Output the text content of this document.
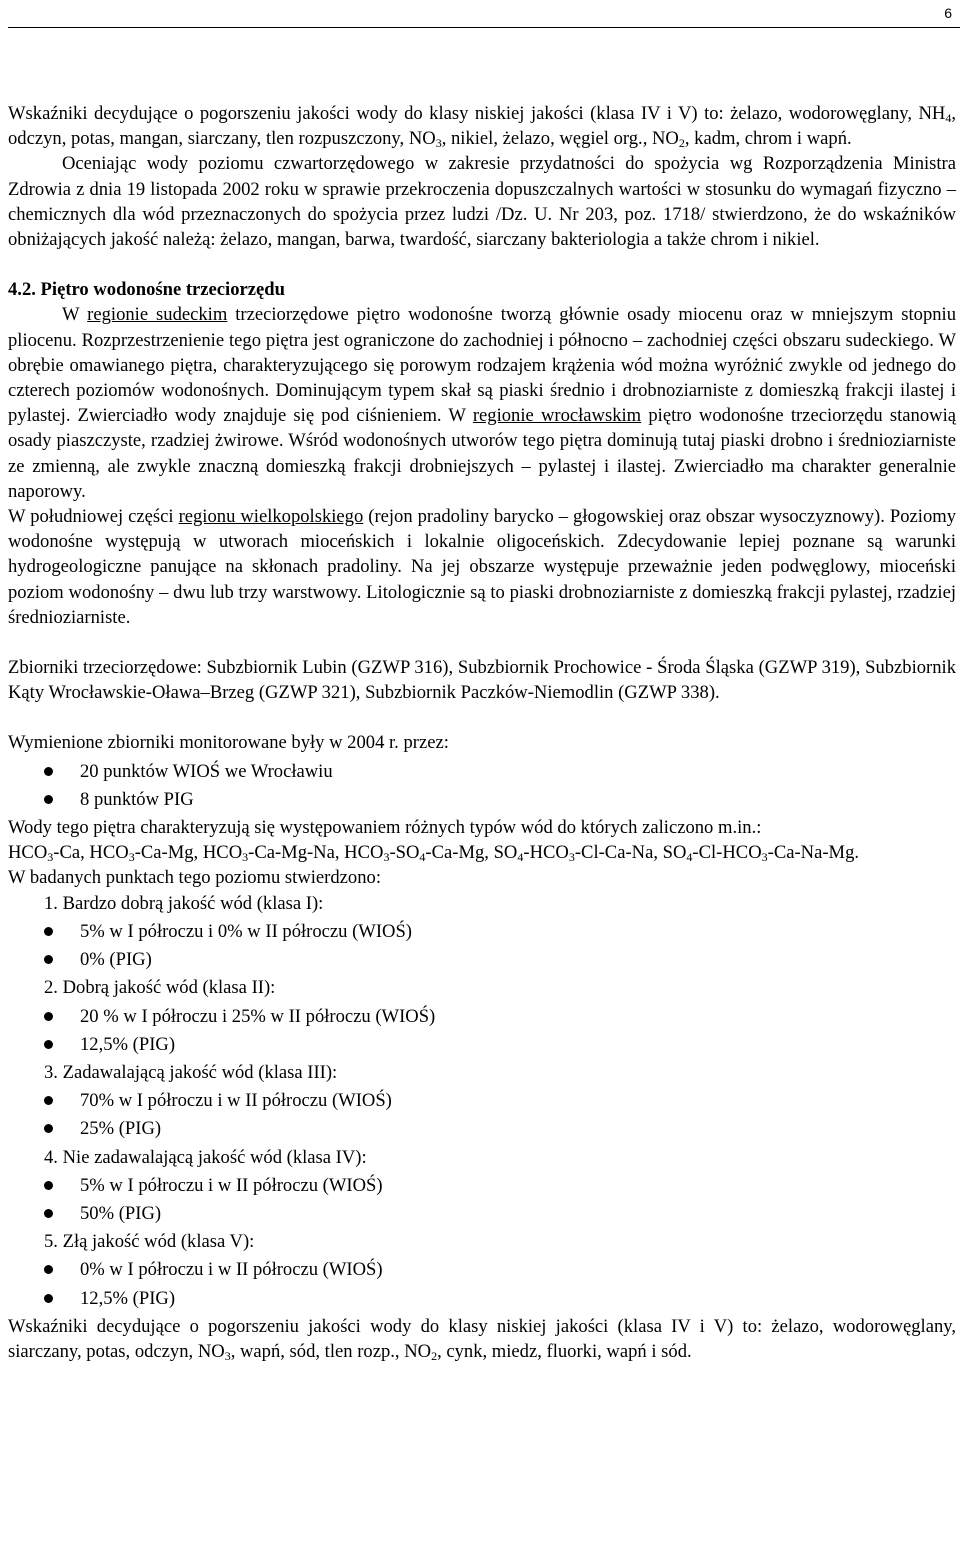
6

Wskaźniki decydujące o pogorszeniu jakości wody do klasy niskiej jakości (klasa IV i V) to: żelazo, wodorowęglany, $NH_4$, odczyn, potas, mangan, siarczany, tlen rozpuszczony, $NO_3$, nikiel, żelazo, węgiel org., $NO_2$, kadm, chrom i wapń.

Oceniając wody poziomu czwartorzędowego w zakresie przydatności do spożycia wg Rozporządzenia Ministra Zdrowia z dnia 19 listopada 2002 roku w sprawie przekroczenia dopuszczalnych wartości w stosunku do wymagań fizyczno – chemicznych dla wód przeznaczonych do spożycia przez ludzi /Dz. U. Nr 203, poz. 1718/ stwierdzono, że do wskaźników obniżających jakość należą: żelazo, mangan, barwa, twardość, siarczany bakteriologia a także chrom i nikiel.

4.2. Piętro wodonośne trzeciorzędu

W regionie sudeckim trzeciorzędowe piętro wodonośne tworzą głównie osady miocenu oraz w mniejszym stopniu pliocenu. Rozprzestrzenienie tego piętra jest ograniczone do zachodniej i północno – zachodniej części obszaru sudeckiego. W obrębie omawianego piętra, charakteryzującego się porowym rodzajem krążenia wód można wyróżnić zwykle od jednego do czterech poziomów wodonośnych. Dominującym typem skał są piaski średnio i drobnoziarniste z domieszką frakcji ilastej i pylastej. Zwierciadło wody znajduje się pod ciśnieniem. W regionie wrocławskim piętro wodonośne trzeciorzędu stanowią osady piaszczyste, rzadziej żwirowe. Wśród wodonośnych utworów tego piętra dominują tutaj piaski drobno i średnioziarniste ze zmienną, ale zwykle znaczną domieszką frakcji drobniejszych – pylastej i ilastej. Zwierciadło ma charakter generalnie naporowy.

W południowej części regionu wielkopolskiego (rejon pradoliny barycko – głogowskiej oraz obszar wysoczyznowy). Poziomy wodonośne występują w utworach mioceńskich i lokalnie oligoceńskich. Zdecydowanie lepiej poznane są warunki hydrogeologiczne panujące na skłonach pradoliny. Na jej obszarze występuje przeważnie jeden podwęglowy, mioceński poziom wodonośny – dwu lub trzy warstwowy. Litologicznie są to piaski drobnoziarniste z domieszką frakcji pylastej, rzadziej średnioziarniste.

Zbiorniki trzeciorzędowe: Subzbiornik Lubin (GZWP 316), Subzbiornik Prochowice - Środa Śląska (GZWP 319), Subzbiornik Kąty Wrocławskie-Oława–Brzeg (GZWP 321), Subzbiornik Paczków-Niemodlin (GZWP 338).

Wymienione zbiorniki monitorowane były w 2004 r. przez:

20 punktów WIOŚ we Wrocławiu
8 punktów PIG

Wody tego piętra charakteryzują się występowaniem różnych typów wód do których zaliczono m.in.:

$HCO_3-Ca$, $HCO_3-Ca-Mg$, $HCO_3-Ca-Mg-Na$, $HCO_3-SO_4-Ca-Mg$, $SO_4-HCO_3-Cl-Ca-Na$, $SO_4-Cl-HCO_3-Ca-Na-Mg$.

W badanych punktach tego poziomu stwierdzono:

1. Bardzo dobrą jakość wód (klasa I):

5% w I półroczu i 0% w II półroczu (WIOŚ)
0% (PIG)

2. Dobrą jakość wód (klasa II):

20 % w I półroczu i 25% w II półroczu (WIOŚ)
12,5% (PIG)

3. Zadawalającą jakość wód (klasa III):

70% w I półroczu i w II półroczu (WIOŚ)
25% (PIG)

4. Nie zadawalającą jakość wód (klasa IV):

5% w I półroczu i w II półroczu (WIOŚ)
50% (PIG)

5. Złą jakość wód (klasa V):

0% w I półroczu i w II półroczu (WIOŚ)
12,5% (PIG)

Wskaźniki decydujące o pogorszeniu jakości wody do klasy niskiej jakości (klasa IV i V) to: żelazo, wodorowęglany, siarczany, potas, odczyn, $NO_3$, wapń, sód, tlen rozp., $NO_2$, cynk, miedz, fluorki, wapń i sód.
